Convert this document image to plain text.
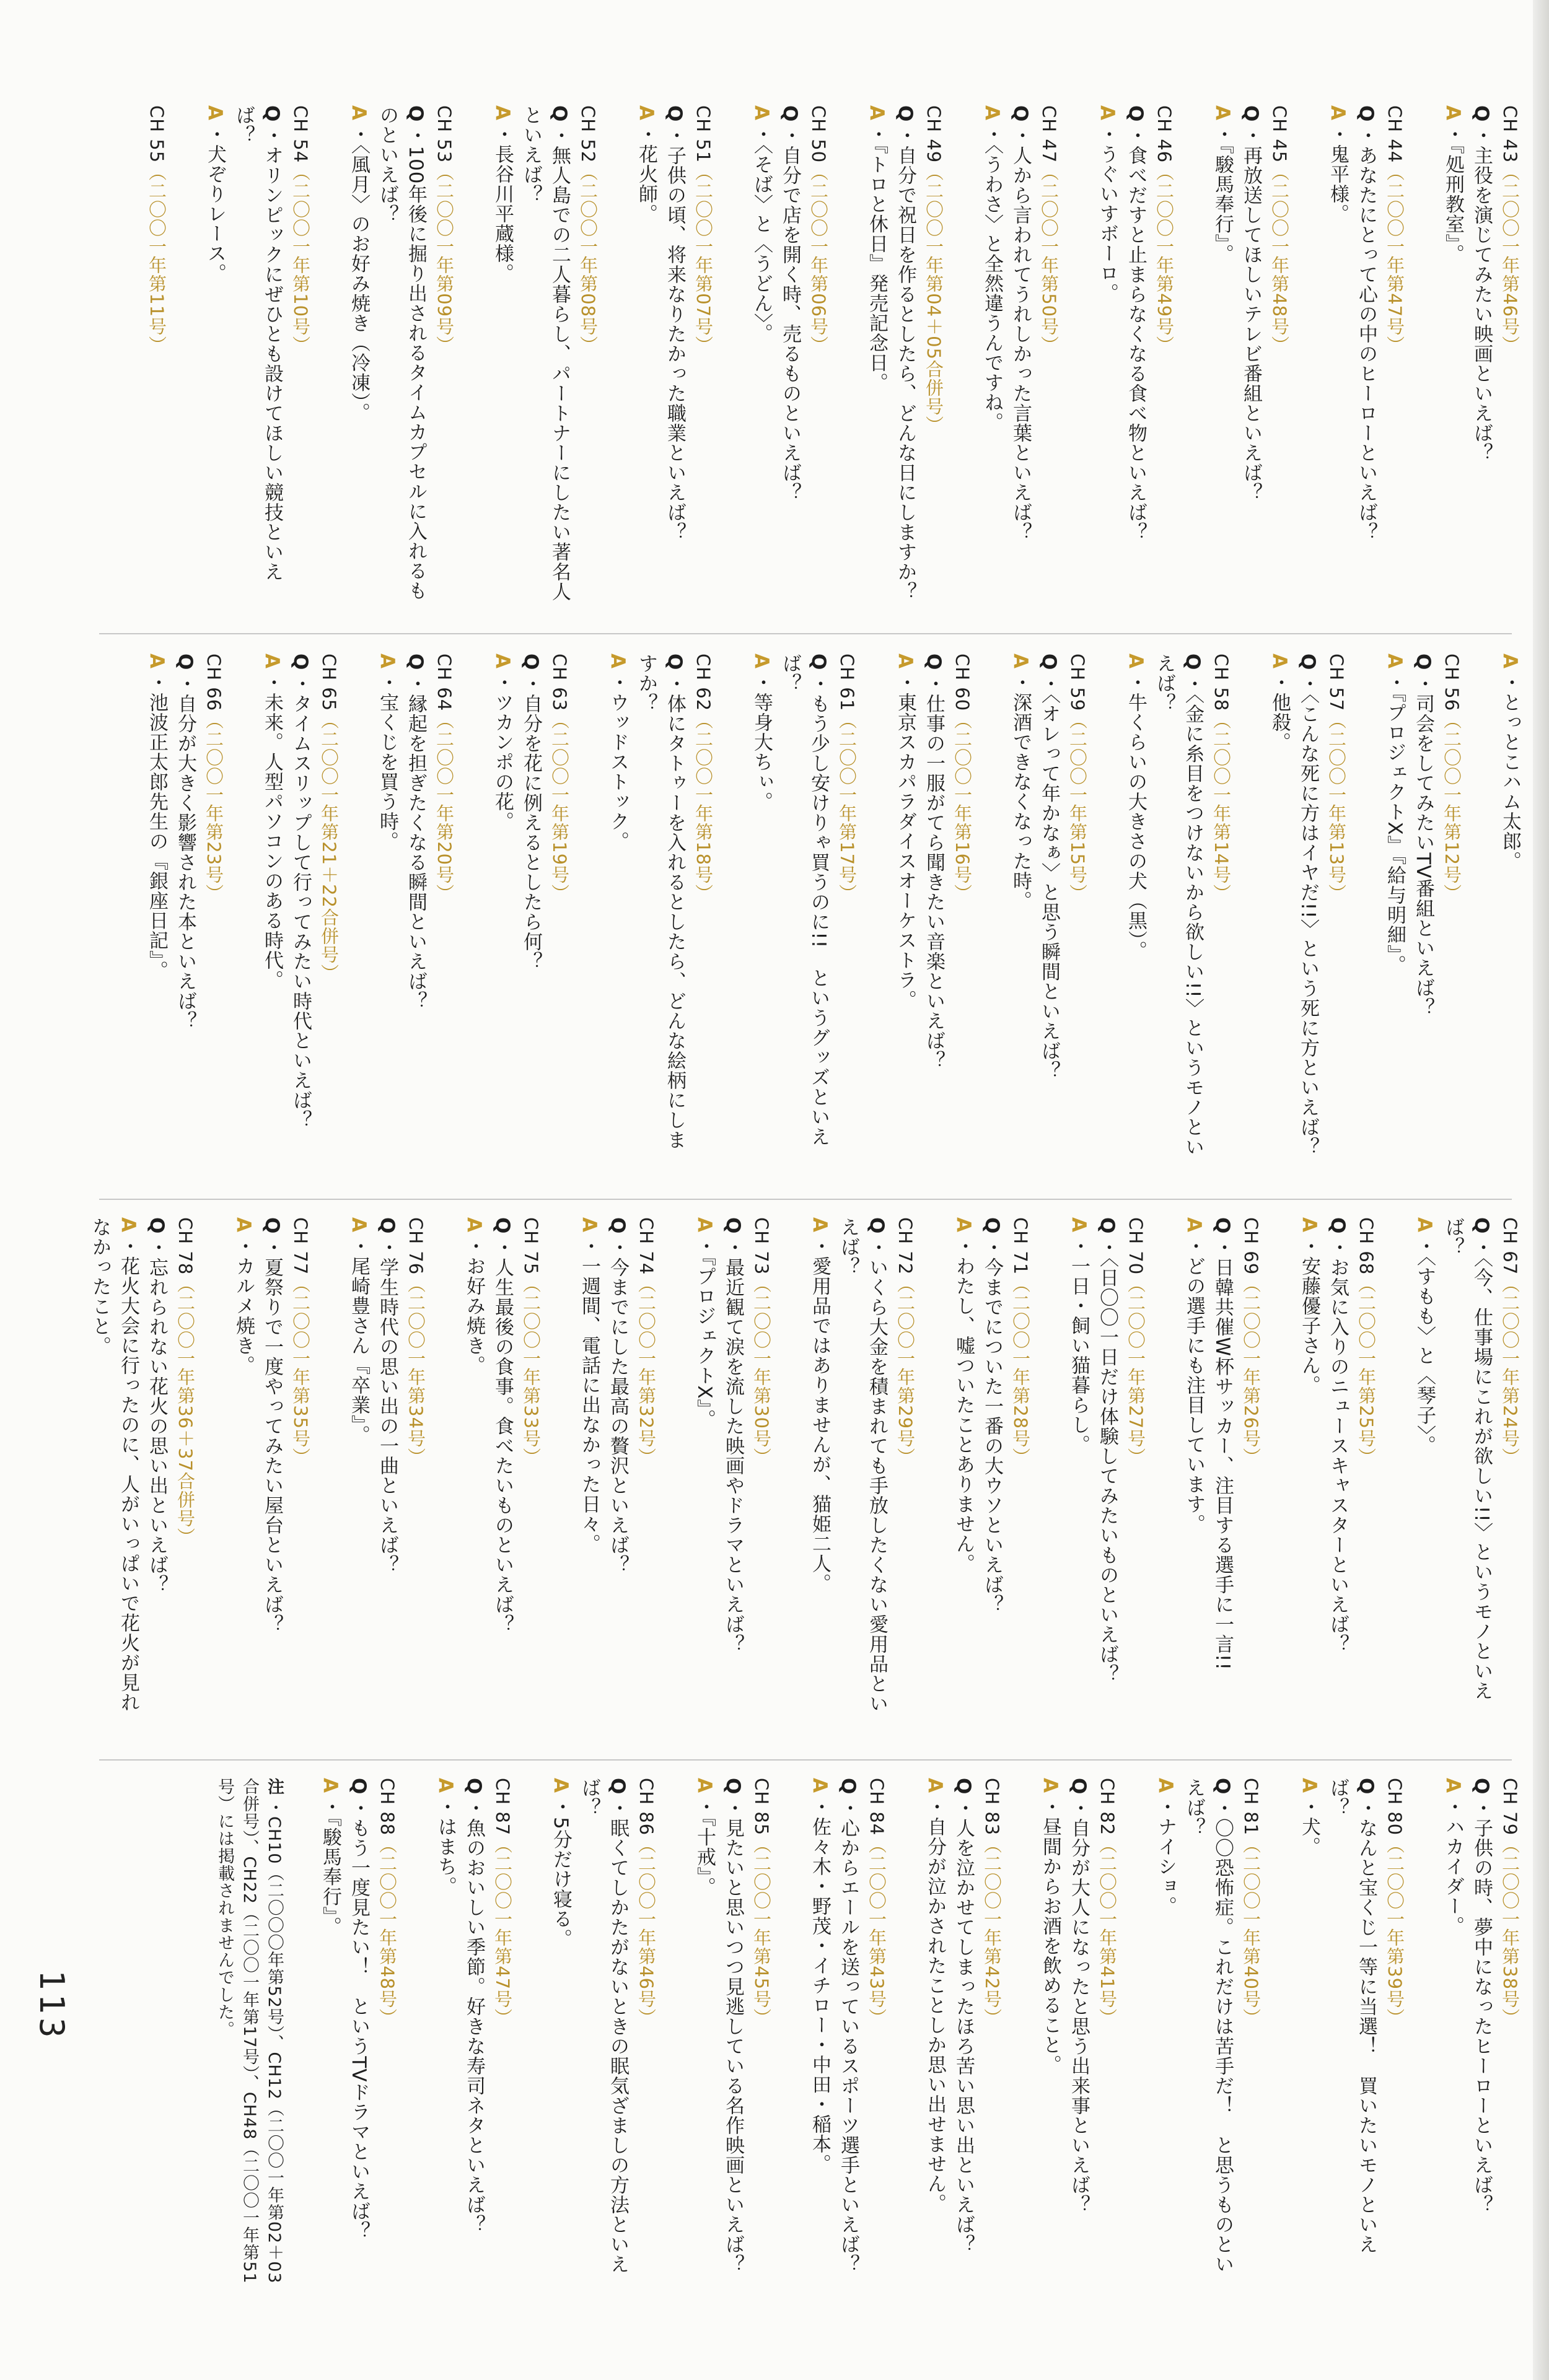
CH 43（二〇〇一年第46号）
Q・主役を演じてみたい映画といえば？
A・『処刑教室』。
CH 44（二〇〇一年第47号）
Q・あなたにとって心の中のヒーローといえば？
A・鬼平様。
CH 45（二〇〇一年第48号）
Q・再放送してほしいテレビ番組といえば？
A・『駿馬奉行』。
CH 46（二〇〇一年第49号）
Q・食べだすと止まらなくなる食べ物といえば？
A・うぐいすボーロ。
CH 47（二〇〇一年第50号）
Q・人から言われてうれしかった言葉といえば？
A・〈うわさ〉と全然違うんですね。
CH 49（二〇〇一年第04＋05合併号）
Q・自分で祝日を作るとしたら、どんな日にしますか？
A・『トロと休日』発売記念日。
CH 50（二〇〇一年第06号）
Q・自分で店を開く時、売るものといえば？
A・〈そば〉と〈うどん〉。
CH 51（二〇〇一年第07号）
Q・子供の頃、将来なりたかった職業といえば？
A・花火師。
CH 52（二〇〇一年第08号）
Q・無人島での二人暮らし、パートナーにしたい著名人といえば？
A・長谷川平蔵様。
CH 53（二〇〇一年第09号）
Q・100年後に掘り出されるタイムカプセルに入れるものといえば？
A・〈風月〉のお好み焼き（冷凍）。
CH 54（二〇〇一年第10号）
Q・オリンピックにぜひとも設けてほしい競技といえば？
A・犬ぞりレース。
CH 55（二〇〇一年第11号）
A・とっとこハム太郎。
CH 56（二〇〇一年第12号）
Q・司会をしてみたいTV番組といえば？
A・『プロジェクトX』『給与明細』。
CH 57（二〇〇一年第13号）
Q・〈こんな死に方はイヤだ!!〉という死に方といえば？
A・他殺。
CH 58（二〇〇一年第14号）
Q・〈金に糸目をつけないから欲しい!!〉というモノといえば？
A・牛くらいの大きさの犬（黒）。
CH 59（二〇〇一年第15号）
Q・〈オレって年かなぁ〉と思う瞬間といえば？
A・深酒できなくなった時。
CH 60（二〇〇一年第16号）
Q・仕事の一服がてら聞きたい音楽といえば？
A・東京スカパラダイスオーケストラ。
CH 61（二〇〇一年第17号）
Q・もう少し安けりゃ買うのに!!　というグッズといえば？
A・等身大ちぃ。
CH 62（二〇〇一年第18号）
Q・体にタトゥーを入れるとしたら、どんな絵柄にしますか？
A・ウッドストック。
CH 63（二〇〇一年第19号）
Q・自分を花に例えるとしたら何？
A・ツカンポの花。
CH 64（二〇〇一年第20号）
Q・縁起を担ぎたくなる瞬間といえば？
A・宝くじを買う時。
CH 65（二〇〇一年第21＋22合併号）
Q・タイムスリップして行ってみたい時代といえば？
A・未来。人型パソコンのある時代。
CH 66（二〇〇一年第23号）
Q・自分が大きく影響された本といえば？
A・池波正太郎先生の『銀座日記』。
CH 67（二〇〇一年第24号）
Q・〈今、仕事場にこれが欲しい!!〉というモノといえば？
A・〈すもも〉と〈琴子〉。
CH 68（二〇〇一年第25号）
Q・お気に入りのニュースキャスターといえば？
A・安藤優子さん。
CH 69（二〇〇一年第26号）
Q・日韓共催W杯サッカー、注目する選手に一言!!
A・どの選手にも注目しています。
CH 70（二〇〇一年第27号）
Q・〈日〇〇一日だけ体験してみたいものといえば？
A・一日・飼い猫暮らし。
CH 71（二〇〇一年第28号）
Q・今までについた一番の大ウソといえば？
A・わたし、嘘ついたことありません。
CH 72（二〇〇一年第29号）
Q・いくら大金を積まれても手放したくない愛用品といえば？
A・愛用品ではありませんが、猫姫二人。
CH 73（二〇〇一年第30号）
Q・最近観て涙を流した映画やドラマといえば？
A・『プロジェクトX』。
CH 74（二〇〇一年第32号）
Q・今までにした最高の贅沢といえば？
A・一週間、電話に出なかった日々。
CH 75（二〇〇一年第33号）
Q・人生最後の食事。食べたいものといえば？
A・お好み焼き。
CH 76（二〇〇一年第34号）
Q・学生時代の思い出の一曲といえば？
A・尾崎豊さん『卒業』。
CH 77（二〇〇一年第35号）
Q・夏祭りで一度やってみたい屋台といえば？
A・カルメ焼き。
CH 78（二〇〇一年第36＋37合併号）
Q・忘れられない花火の思い出といえば？
A・花火大会に行ったのに、人がいっぱいで花火が見れなかったこと。
CH 79（二〇〇一年第38号）
Q・子供の時、夢中になったヒーローといえば？
A・ハカイダー。
CH 80（二〇〇一年第39号）
Q・なんと宝くじ一等に当選！　買いたいモノといえば？
A・犬。
CH 81（二〇〇一年第40号）
Q・〇〇恐怖症。これだけは苦手だ！　と思うものといえば？
A・ナイショ。
CH 82（二〇〇一年第41号）
Q・自分が大人になったと思う出来事といえば？
A・昼間からお酒を飲めること。
CH 83（二〇〇一年第42号）
Q・人を泣かせてしまったほろ苦い思い出といえば？
A・自分が泣かされたことしか思い出せません。
CH 84（二〇〇一年第43号）
Q・心からエールを送っているスポーツ選手といえば？
A・佐々木・野茂・イチロー・中田・稲本。
CH 85（二〇〇一年第45号）
Q・見たいと思いつつ見逃している名作映画といえば？
A・『十戒』。
CH 86（二〇〇一年第46号）
Q・眠くてしかたがないときの眠気ざましの方法といえば？
A・5分だけ寝る。
CH 87（二〇〇一年第47号）
Q・魚のおいしい季節。好きな寿司ネタといえば？
A・はまち。
CH 88（二〇〇一年第48号）
Q・もう一度見たい！　というTVドラマといえば？
A・『駿馬奉行』。
注・CH10（二〇〇〇年第52号）、CH12（二〇〇一年第02＋03合併号）、CH22（二〇〇一年第17号）、CH48（二〇〇一年第51号）には掲載されませんでした。
113
